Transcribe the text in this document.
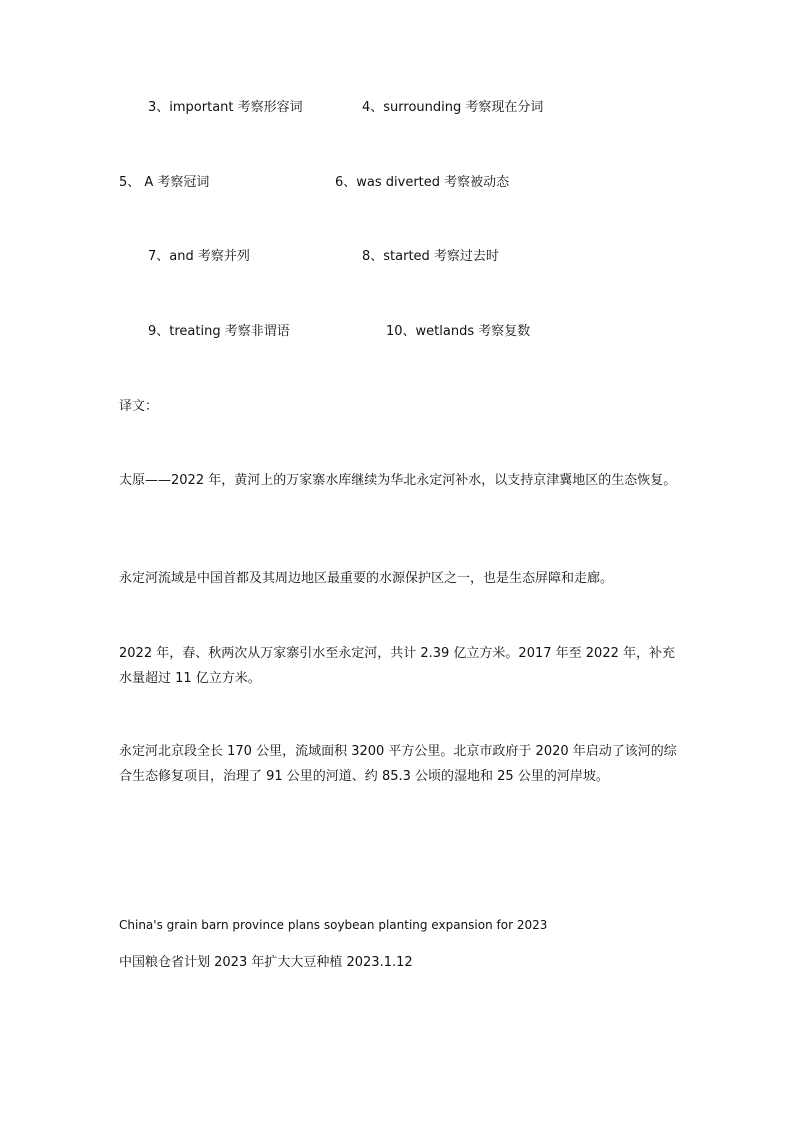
3、important 考察形容词	4、surrounding 考察现在分词
5、 A 考察冠词	6、was diverted 考察被动态
7、and 考察并列	8、started 考察过去时
9、treating 考察非谓语	10、wetlands 考察复数
译文：
太原——2022 年，黄河上的万家寨水库继续为华北永定河补水，以支持京津冀地区的生态恢复。
永定河流域是中国首都及其周边地区最重要的水源保护区之一，也是生态屏障和走廊。
2022 年，春、秋两次从万家寨引水至永定河，共计 2.39 亿立方米。2017 年至 2022 年，补充水量超过 11 亿立方米。
永定河北京段全长 170 公里，流域面积 3200 平方公里。北京市政府于 2020 年启动了该河的综合生态修复项目，治理了 91 公里的河道、约 85.3 公顷的湿地和 25 公里的河岸坡。
China's grain barn province plans soybean planting expansion for 2023
中国粮仓省计划 2023 年扩大大豆种植 2023.1.12
